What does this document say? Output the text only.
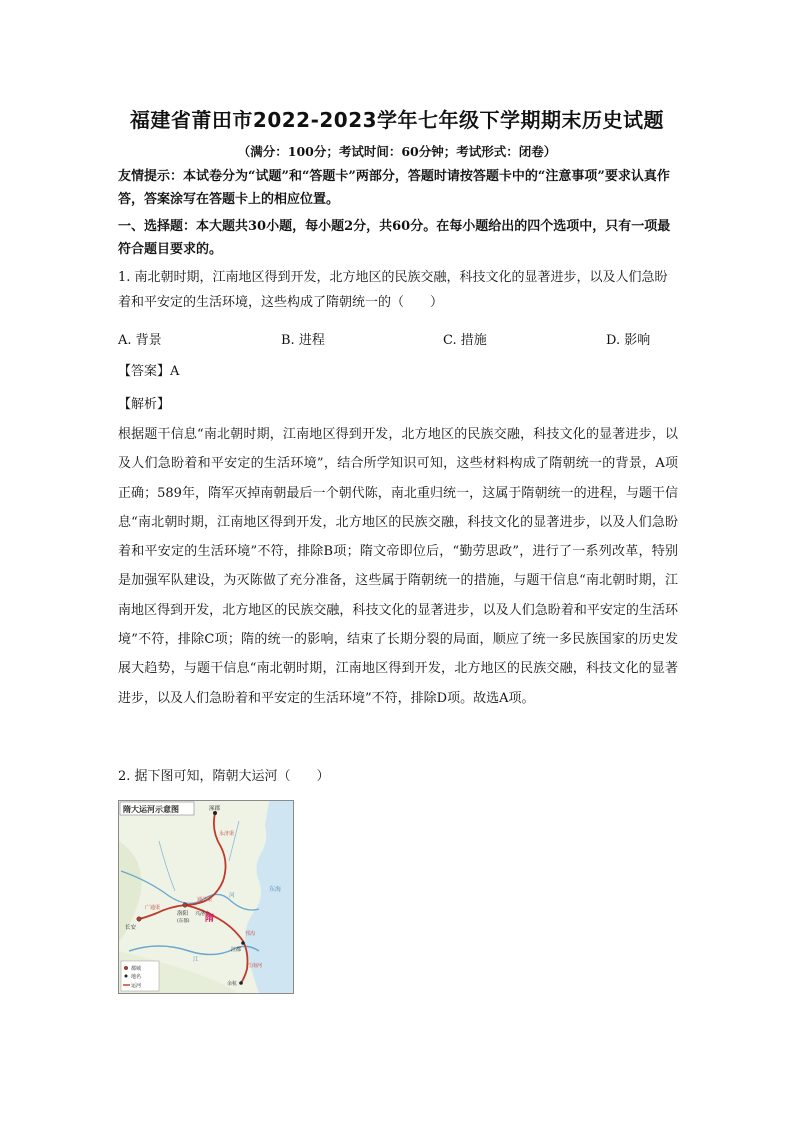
福建省莆田市2022-2023学年七年级下学期期末历史试题
（满分：100分；考试时间：60分钟；考试形式：闭卷）
友情提示：本试卷分为“试题”和“答题卡”两部分，答题时请按答题卡中的“注意事项”要求认真作答，答案涂写在答题卡上的相应位置。
一、选择题：本大题共30小题，每小题2分，共60分。在每小题给出的四个选项中，只有一项最符合题目要求的。
1. 南北朝时期，江南地区得到开发，北方地区的民族交融，科技文化的显著进步，以及人们急盼着和平安定的生活环境，这些构成了隋朝统一的（　　）
A. 背景	B. 进程	C. 措施	D. 影响
【答案】A
【解析】
根据题干信息“南北朝时期，江南地区得到开发，北方地区的民族交融，科技文化的显著进步，以及人们急盼着和平安定的生活环境”，结合所学知识可知，这些材料构成了隋朝统一的背景，A项正确；589年，隋军灭掉南朝最后一个朝代陈，南北重归统一，这属于隋朝统一的进程，与题干信息“南北朝时期，江南地区得到开发，北方地区的民族交融，科技文化的显著进步，以及人们急盼着和平安定的生活环境”不符，排除B项；隋文帝即位后，“勤劳思政”，进行了一系列改革，特别是加强军队建设，为灭陈做了充分准备，这些属于隋朝统一的措施，与题干信息“南北朝时期，江南地区得到开发，北方地区的民族交融，科技文化的显著进步，以及人们急盼着和平安定的生活环境”不符，排除C项；隋的统一的影响，结束了长期分裂的局面，顺应了统一多民族国家的历史发展大趋势，与题干信息“南北朝时期，江南地区得到开发，北方地区的民族交融，科技文化的显著进步，以及人们急盼着和平安定的生活环境”不符，排除D项。故选A项。
2. 据下图可知，隋朝大运河（　　）
隋大运河示意图	涿郡
长安
洛阳
(东都)
兴洛仓
江都
余杭
隋
永济渠
通济渠
邗沟
江南河
广通渠
东海
河
江
都城
地名
运河
